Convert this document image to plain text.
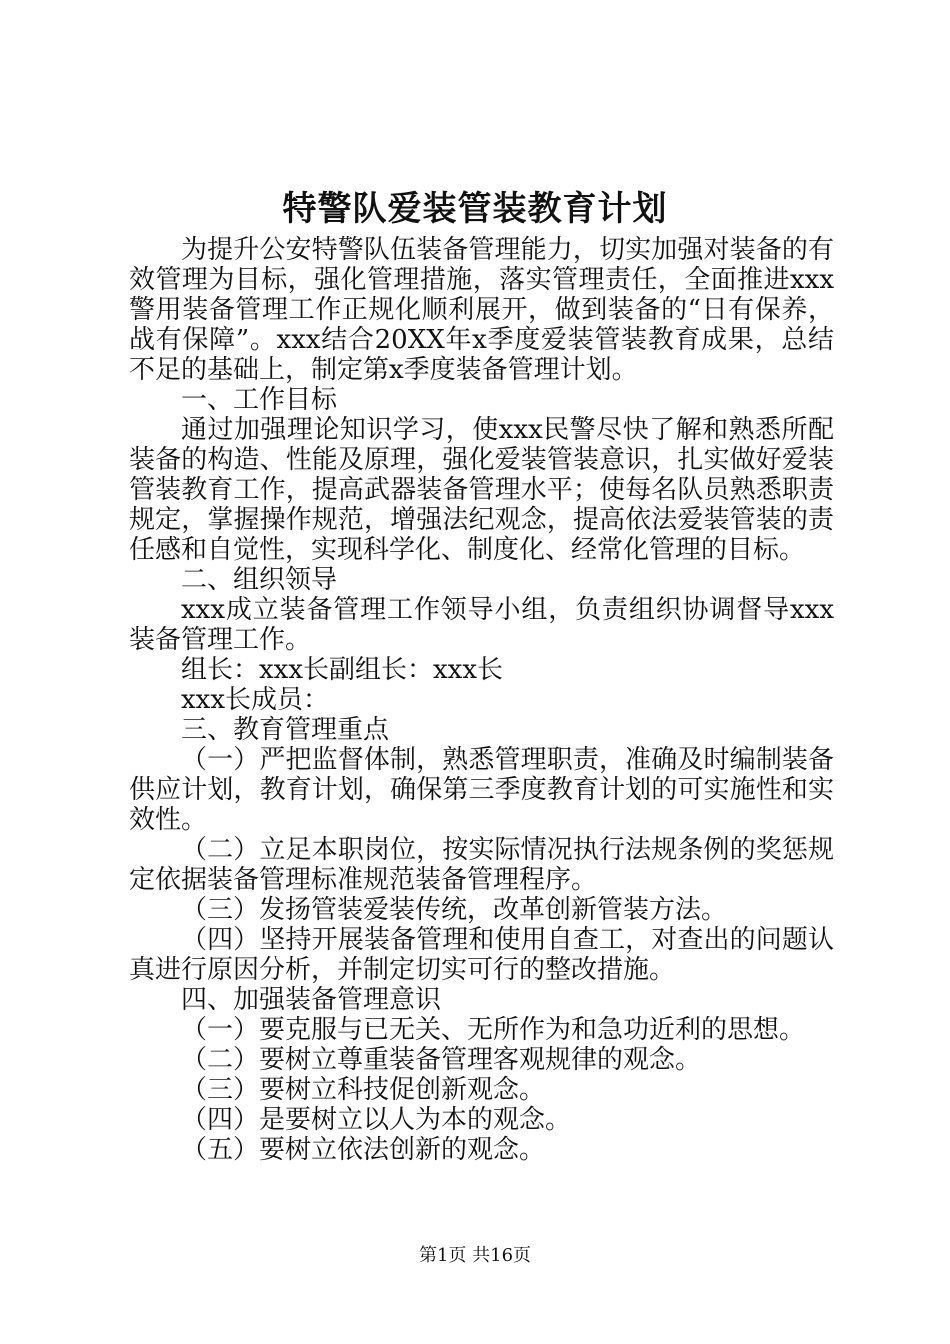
特警队爱装管装教育计划

为提升公安特警队伍装备管理能力，切实加强对装备的有效管理为目标，强化管理措施，落实管理责任，全面推进xxx警用装备管理工作正规化顺利展开，做到装备的“日有保养，战有保障”。xxx结合20XX年x季度爱装管装教育成果，总结不足的基础上，制定第x季度装备管理计划。

一、工作目标

通过加强理论知识学习，使xxx民警尽快了解和熟悉所配装备的构造、性能及原理，强化爱装管装意识，扎实做好爱装管装教育工作，提高武器装备管理水平；使每名队员熟悉职责规定，掌握操作规范，增强法纪观念，提高依法爱装管装的责任感和自觉性，实现科学化、制度化、经常化管理的目标。

二、组织领导

xxx成立装备管理工作领导小组，负责组织协调督导xxx装备管理工作。

组长：xxx长副组长：xxx长

xxx长成员：

三、教育管理重点

（一）严把监督体制，熟悉管理职责，准确及时编制装备供应计划，教育计划，确保第三季度教育计划的可实施性和实效性。

（二）立足本职岗位，按实际情况执行法规条例的奖惩规定依据装备管理标准规范装备管理程序。

（三）发扬管装爱装传统，改革创新管装方法。

（四）坚持开展装备管理和使用自查工，对查出的问题认真进行原因分析，并制定切实可行的整改措施。

四、加强装备管理意识

（一）要克服与已无关、无所作为和急功近利的思想。

（二）要树立尊重装备管理客观规律的观念。

（三）要树立科技促创新观念。

（四）是要树立以人为本的观念。

（五）要树立依法创新的观念。

第1页 共16页
